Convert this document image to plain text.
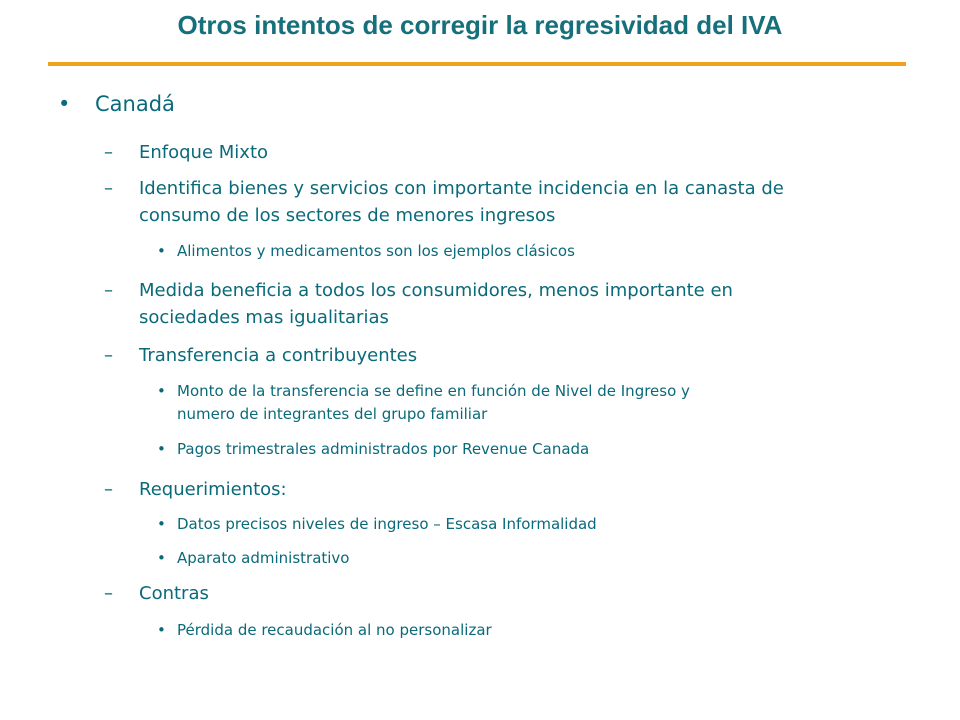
Otros intentos de corregir la regresividad del IVA
• Canadá
– Enfoque Mixto
– Identifica bienes y servicios con importante incidencia en la canasta de
consumo de los sectores de menores ingresos
• Alimentos y medicamentos son los ejemplos clásicos
– Medida beneficia a todos los consumidores, menos importante en
sociedades mas igualitarias
– Transferencia a contribuyentes
• Monto de la transferencia se define en función de Nivel de Ingreso y
numero de integrantes del grupo familiar
• Pagos trimestrales administrados por Revenue Canada
– Requerimientos:
• Datos precisos niveles de ingreso – Escasa Informalidad
• Aparato administrativo
– Contras
• Pérdida de recaudación al no personalizar
